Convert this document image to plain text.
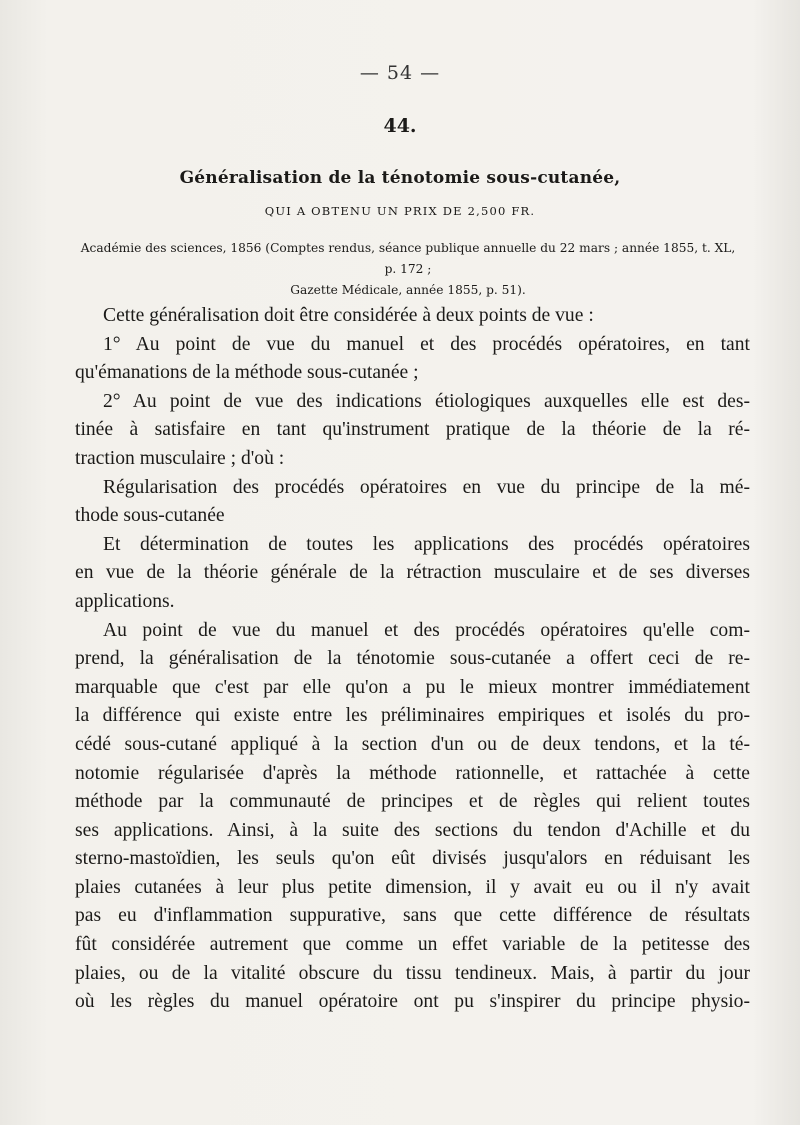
— 54 —
44.
Généralisation de la ténotomie sous-cutanée,
QUI A OBTENU UN PRIX DE 2,500 FR.
Académie des sciences, 1856 (Comptes rendus, séance publique annuelle du 22 mars ; année 1855, t. XL, p. 172 ;
Gazette Médicale, année 1855, p. 51).
Cette généralisation doit être considérée à deux points de vue :
1° Au point de vue du manuel et des procédés opératoires, en tant
qu'émanations de la méthode sous-cutanée ;
2° Au point de vue des indications étiologiques auxquelles elle est des-
tinée à satisfaire en tant qu'instrument pratique de la théorie de la ré-
traction musculaire ; d'où :
Régularisation des procédés opératoires en vue du principe de la mé-
thode sous-cutanée
Et détermination de toutes les applications des procédés opératoires
en vue de la théorie générale de la rétraction musculaire et de ses diverses
applications.
Au point de vue du manuel et des procédés opératoires qu'elle com-
prend, la généralisation de la ténotomie sous-cutanée a offert ceci de re-
marquable que c'est par elle qu'on a pu le mieux montrer immédiatement
la différence qui existe entre les préliminaires empiriques et isolés du pro-
cédé sous-cutané appliqué à la section d'un ou de deux tendons, et la té-
notomie régularisée d'après la méthode rationnelle, et rattachée à cette
méthode par la communauté de principes et de règles qui relient toutes
ses applications. Ainsi, à la suite des sections du tendon d'Achille et du
sterno-mastoïdien, les seuls qu'on eût divisés jusqu'alors en réduisant les
plaies cutanées à leur plus petite dimension, il y avait eu ou il n'y avait
pas eu d'inflammation suppurative, sans que cette différence de résultats
fût considérée autrement que comme un effet variable de la petitesse des
plaies, ou de la vitalité obscure du tissu tendineux. Mais, à partir du jour
où les règles du manuel opératoire ont pu s'inspirer du principe physio-
